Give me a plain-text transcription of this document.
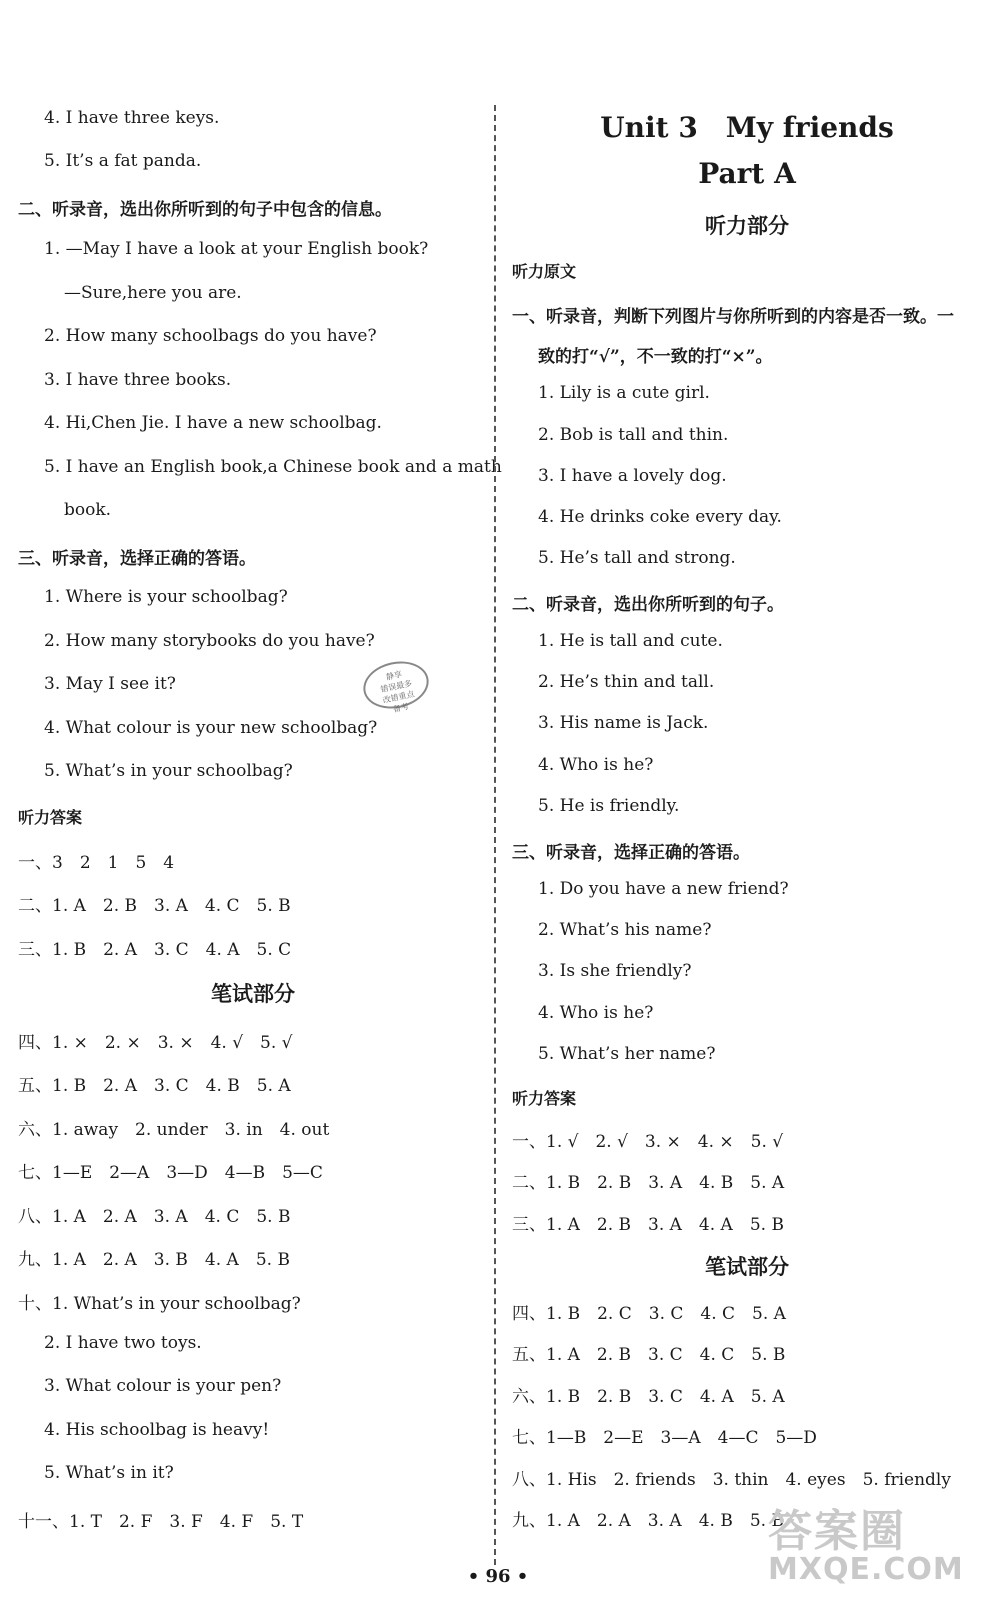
4. I have three keys.
5. It’s a fat panda.
二、听录音，选出你所听到的句子中包含的信息。
1. —May I have a look at your English book?
—Sure,here you are.
2. How many schoolbags do you have?
3. I have three books.
4. Hi,Chen Jie. I have a new schoolbag.
5. I have an English book,a Chinese book and a math
book.
三、听录音，选择正确的答语。
1. Where is your schoolbag?
2. How many storybooks do you have?
3. May I see it?
4. What colour is your new schoolbag?
5. What’s in your schoolbag?
听力答案
一、3　2　1　5　4
二、1. A　2. B　3. A　4. C　5. B
三、1. B　2. A　3. C　4. A　5. C
笔试部分
四、1. ×　2. ×　3. ×　4. √　5. √
五、1. B　2. A　3. C　4. B　5. A
六、1. away　2. under　3. in　4. out
七、1—E　2—A　3—D　4—B　5—C
八、1. A　2. A　3. A　4. C　5. B
九、1. A　2. A　3. B　4. A　5. B
十、1. What’s in your schoolbag?
2. I have two toys.
3. What colour is your pen?
4. His schoolbag is heavy!
5. What’s in it?
十一、1. T　2. F　3. F　4. F　5. T
静享
错误最多
改错重点
备考
Unit 3　My friends
Part A
听力部分
听力原文
一、听录音，判断下列图片与你所听到的内容是否一致。一
致的打“√”，不一致的打“×”。
1. Lily is a cute girl.
2. Bob is tall and thin.
3. I have a lovely dog.
4. He drinks coke every day.
5. He’s tall and strong.
二、听录音，选出你所听到的句子。
1. He is tall and cute.
2. He’s thin and tall.
3. His name is Jack.
4. Who is he?
5. He is friendly.
三、听录音，选择正确的答语。
1. Do you have a new friend?
2. What’s his name?
3. Is she friendly?
4. Who is he?
5. What’s her name?
听力答案
一、1. √　2. √　3. ×　4. ×　5. √
二、1. B　2. B　3. A　4. B　5. A
三、1. A　2. B　3. A　4. A　5. B
笔试部分
四、1. B　2. C　3. C　4. C　5. A
五、1. A　2. B　3. C　4. C　5. B
六、1. B　2. B　3. C　4. A　5. A
七、1—B　2—E　3—A　4—C　5—D
八、1. His　2. friends　3. thin　4. eyes　5. friendly
九、1. A　2. A　3. A　4. B　5. B
• 96 •
答案圈
MXQE.COM
